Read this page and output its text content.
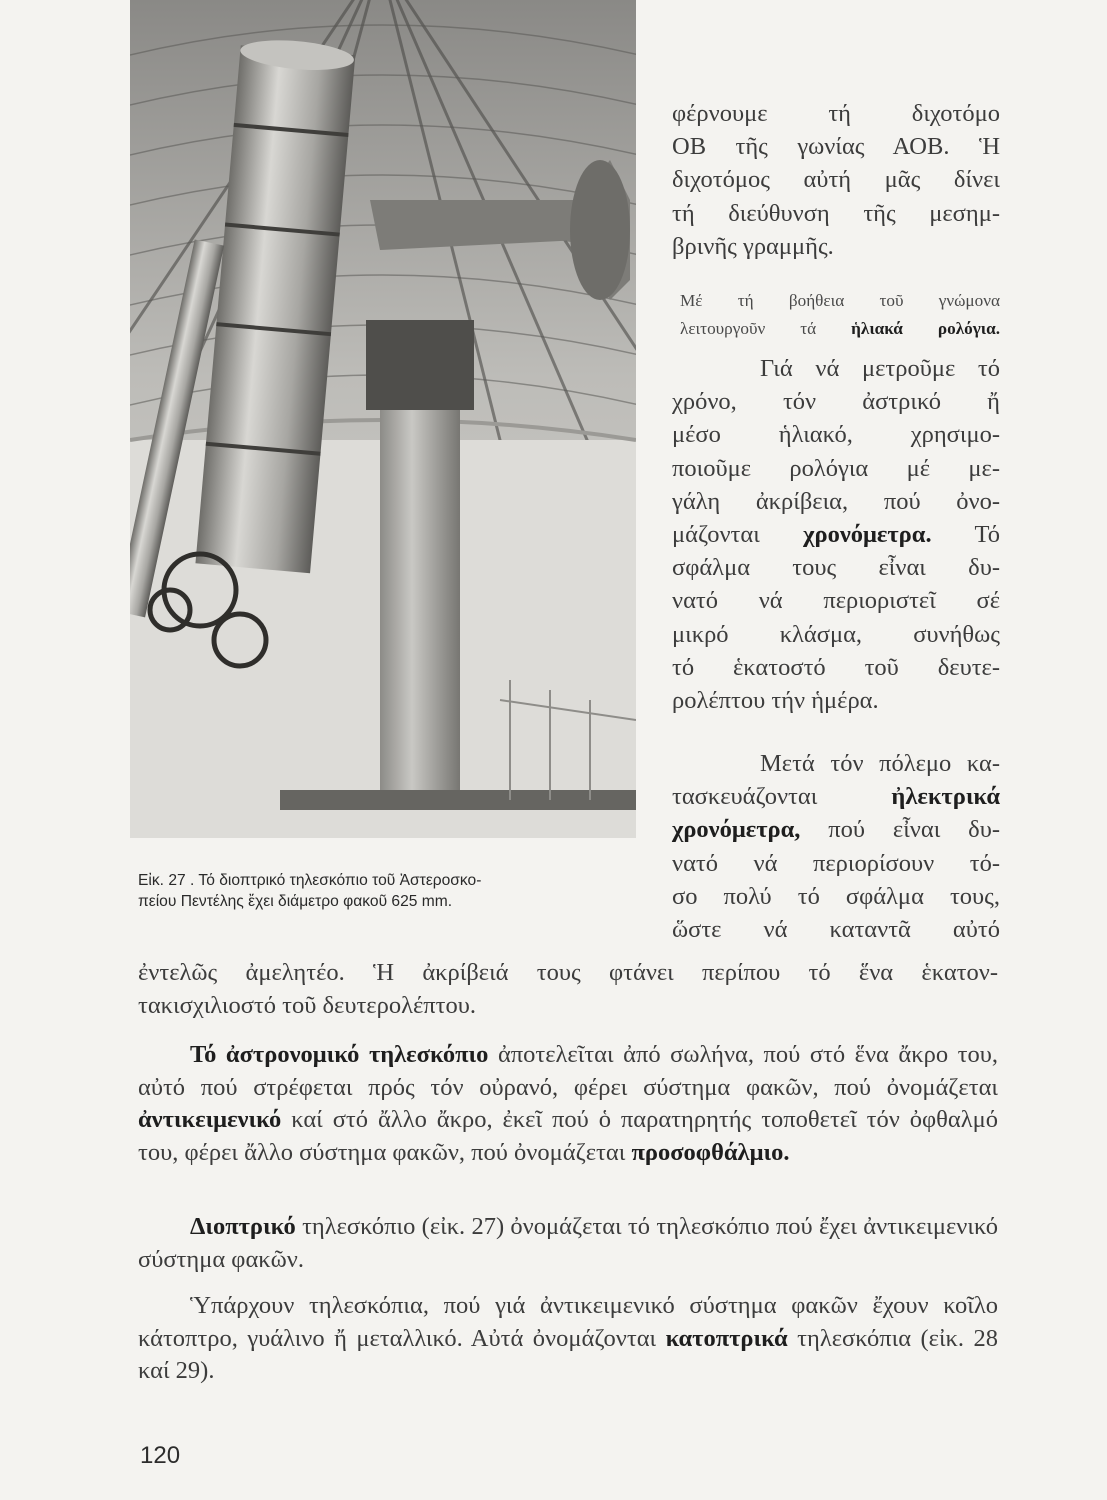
Εἰκ. 27 . Τό διοπτρικό τηλεσκόπιο τοῦ Ἀστεροσκο-
πείου Πεντέλης ἔχει διάμετρο φακοῦ 625 mm.

φέρνουμε τή διχοτόμο

ΟΒ τῆς γωνίας ΑΟΒ. Ἡ

διχοτόμος αὐτή μᾶς δίνει

τή διεύθυνση τῆς μεσημ-

βρινῆς γραμμῆς.

Μέ τή βοήθεια τοῦ γνώμονα

λειτουργοῦν τά ἡλιακά ρολόγια.

Γιά νά μετροῦμε τό

χρόνο, τόν ἀστρικό ἤ

μέσο ἡλιακό, χρησιμο-

ποιοῦμε ρολόγια μέ με-

γάλη ἀκρίβεια, πού ὀνο-

μάζονται χρονόμετρα. Τό

σφάλμα τους εἶναι δυ-

νατό νά περιοριστεῖ σέ

μικρό κλάσμα, συνήθως

τό ἑκατοστό τοῦ δευτε-

ρολέπτου τήν ἡμέρα.

Μετά τόν πόλεμο κα-

τασκευάζονται ἠλεκτρικά

χρονόμετρα, πού εἶναι δυ-

νατό νά περιορίσουν τό-

σο πολύ τό σφάλμα τους,

ὥστε νά καταντᾶ αὐτό

ἐντελῶς ἀμελητέο. Ἡ ἀκρίβειά τους φτάνει περίπου τό ἕνα ἑκατον-

τακισχιλιοστό τοῦ δευτερολέπτου.

Τό ἀστρονομικό τηλεσκόπιο ἀποτελεῖται ἀπό σωλήνα, πού στό ἕνα ἄκρο του, αὐτό πού στρέφεται πρός τόν οὐρανό, φέρει σύστημα φακῶν, πού ὀνομάζεται ἀντικειμενικό καί στό ἄλλο ἄκρο, ἐκεῖ πού ὁ παρατηρητής τοποθετεῖ τόν ὀφθαλμό του, φέρει ἄλλο σύστημα φακῶν, πού ὀνομάζεται προσοφθάλμιο.

Διοπτρικό τηλεσκόπιο (εἰκ. 27) ὀνομάζεται τό τηλεσκόπιο πού ἔχει ἀντικειμενικό σύστημα φακῶν.

Ὑπάρχουν τηλεσκόπια, πού γιά ἀντικειμενικό σύστημα φακῶν ἔχουν κοῖλο κάτοπτρο, γυάλινο ἤ μεταλλικό. Αὐτά ὀνομάζονται κατοπτρικά τηλεσκόπια (εἰκ. 28 καί 29).

120
